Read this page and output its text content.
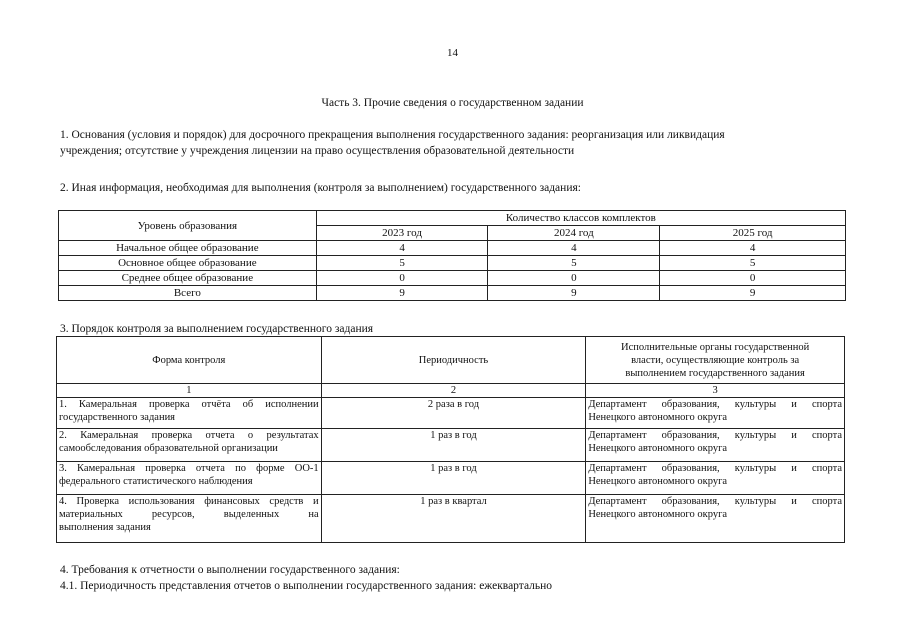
14
Часть 3. Прочие сведения о государственном задании
1. Основания (условия и порядок) для досрочного прекращения выполнения государственного задания: реорганизация или ликвидация
учреждения; отсутствие у учреждения лицензии на право осуществления образовательной деятельности
2. Иная информация, необходимая для выполнения (контроля за выполнением) государственного задания:
Уровень образования	Количество классов комплектов		
	2023 год	2024 год	2025 год
Начальное общее образование	4	4	4
Основное общее образование	5	5	5
Среднее общее образование	0	0	0
Всего	9	9	9
3. Порядок контроля за выполнением государственного задания
Форма контроля	Периодичность	Исполнительные органы государственной
власти, осуществляющие контроль за
выполнением государственного задания

1	2	3

1. Камеральная проверка отчёта об исполнении
государственного задания	2 раза в год	Департамент образования, культуры и спорта
Ненецкого автономного округа

2. Камеральная проверка отчета о результатах
самообследования образовательной организации	1 раз в год	Департамент образования, культуры и спорта
Ненецкого автономного округа

3. Камеральная проверка отчета по форме ОО-1
федерального статистического наблюдения	1 раз в год	Департамент образования, культуры и спорта
Ненецкого автономного округа

4. Проверка использования финансовых средств и
материальных ресурсов, выделенных на
выполнения задания	1 раз в квартал	Департамент образования, культуры и спорта
Ненецкого автономного округа
4. Требования к отчетности о выполнении государственного задания:
4.1. Периодичность представления отчетов о выполнении государственного задания: ежеквартально
